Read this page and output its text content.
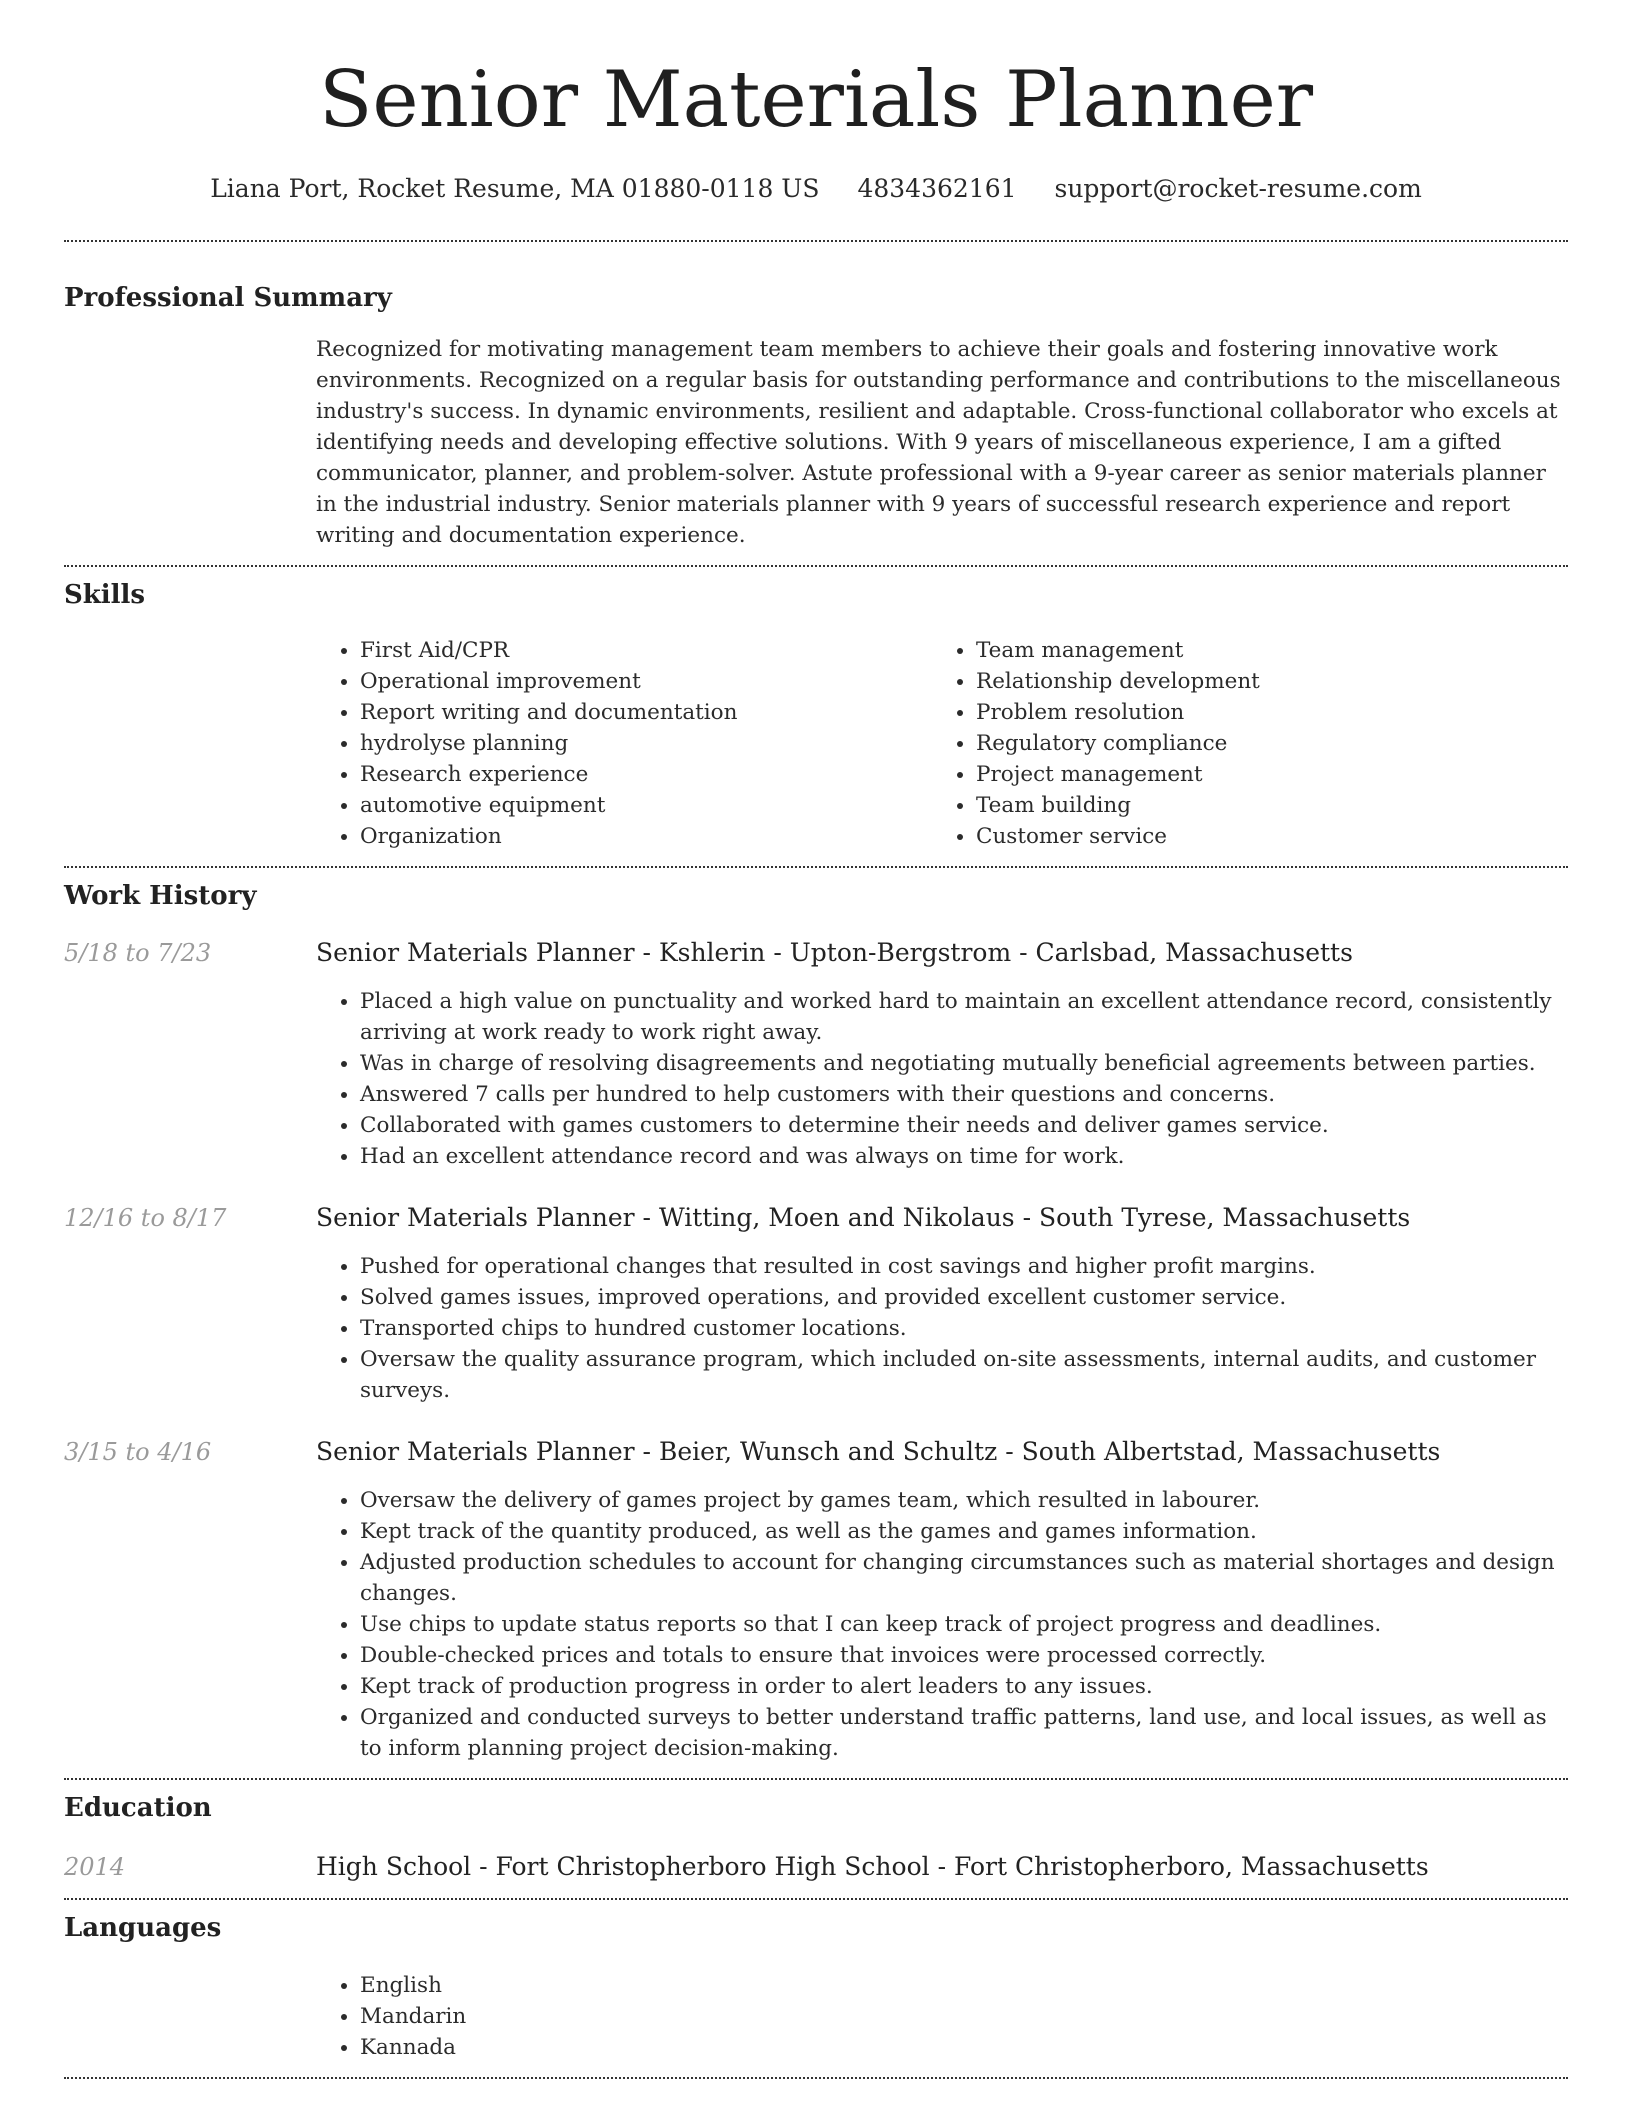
Senior Materials Planner
Liana Port, Rocket Resume, MA 01880-0118 US 4834362161 support@rocket-resume.com
Professional Summary
Recognized for motivating management team members to achieve their goals and fostering innovative work environments. Recognized on a regular basis for outstanding performance and contributions to the miscellaneous industry's success. In dynamic environments, resilient and adaptable. Cross-functional collaborator who excels at identifying needs and developing effective solutions. With 9 years of miscellaneous experience, I am a gifted communicator, planner, and problem-solver. Astute professional with a 9-year career as senior materials planner in the industrial industry. Senior materials planner with 9 years of successful research experience and report writing and documentation experience.
Skills
• First Aid/CPR
• Operational improvement
• Report writing and documentation
• hydrolyse planning
• Research experience
• automotive equipment
• Organization
• Team management
• Relationship development
• Problem resolution
• Regulatory compliance
• Project management
• Team building
• Customer service
Work History
5/18 to 7/23	Senior Materials Planner - Kshlerin - Upton-Bergstrom - Carlsbad, Massachusetts
• Placed a high value on punctuality and worked hard to maintain an excellent attendance record, consistently arriving at work ready to work right away.
• Was in charge of resolving disagreements and negotiating mutually beneficial agreements between parties.
• Answered 7 calls per hundred to help customers with their questions and concerns.
• Collaborated with games customers to determine their needs and deliver games service.
• Had an excellent attendance record and was always on time for work.
12/16 to 8/17	Senior Materials Planner - Witting, Moen and Nikolaus - South Tyrese, Massachusetts
• Pushed for operational changes that resulted in cost savings and higher profit margins.
• Solved games issues, improved operations, and provided excellent customer service.
• Transported chips to hundred customer locations.
• Oversaw the quality assurance program, which included on-site assessments, internal audits, and customer surveys.
3/15 to 4/16	Senior Materials Planner - Beier, Wunsch and Schultz - South Albertstad, Massachusetts
• Oversaw the delivery of games project by games team, which resulted in labourer.
• Kept track of the quantity produced, as well as the games and games information.
• Adjusted production schedules to account for changing circumstances such as material shortages and design changes.
• Use chips to update status reports so that I can keep track of project progress and deadlines.
• Double-checked prices and totals to ensure that invoices were processed correctly.
• Kept track of production progress in order to alert leaders to any issues.
• Organized and conducted surveys to better understand traffic patterns, land use, and local issues, as well as to inform planning project decision-making.
Education
2014	High School - Fort Christopherboro High School - Fort Christopherboro, Massachusetts
Languages
• English
• Mandarin
• Kannada
